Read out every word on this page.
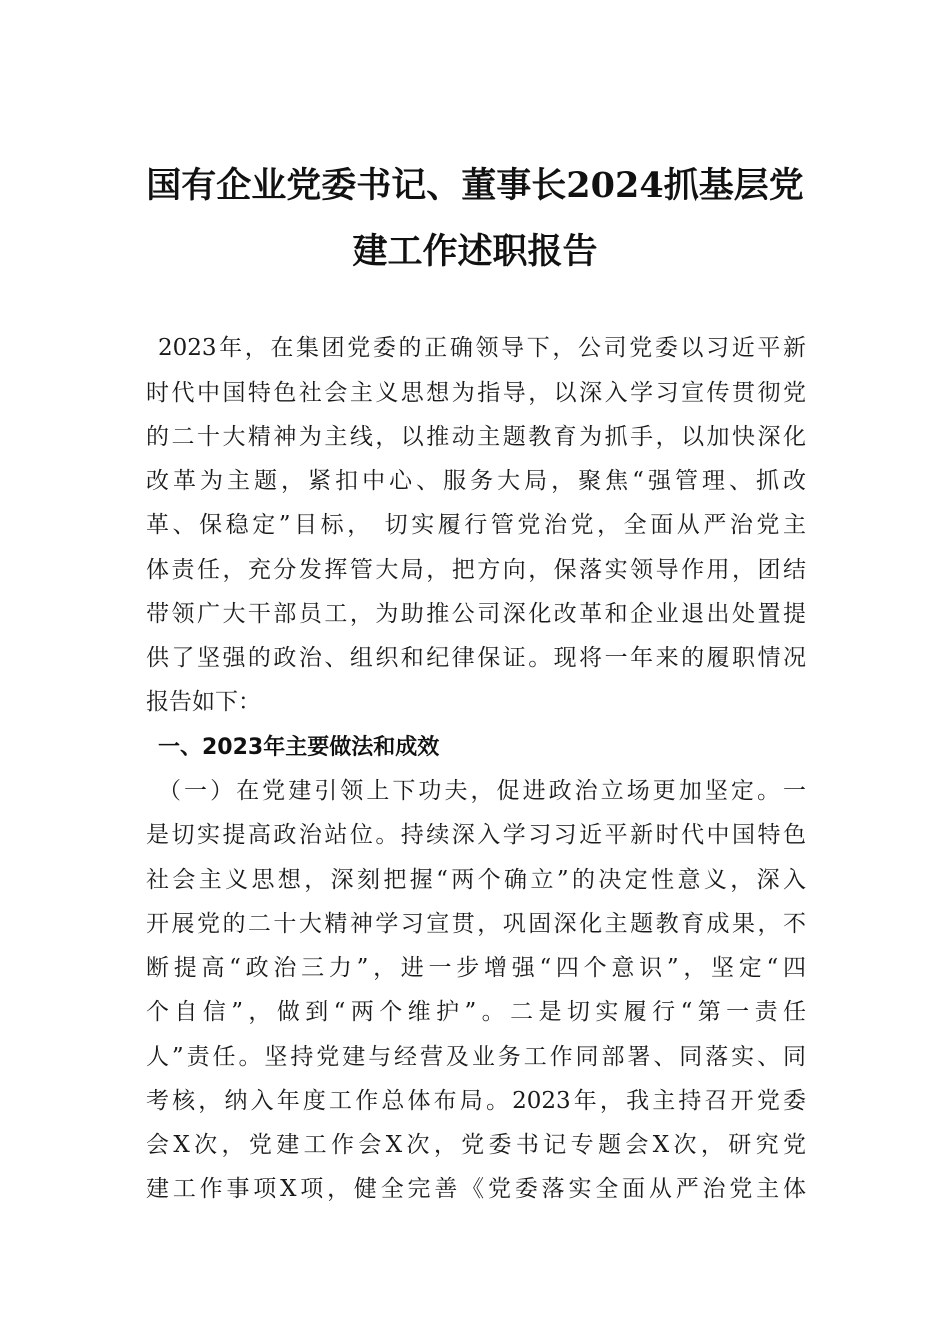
国有企业党委书记、董事长2024抓基层党
建工作述职报告
2023年，在集团党委的正确领导下，公司党委以习近平新
时代中国特色社会主义思想为指导，以深入学习宣传贯彻党
的二十大精神为主线，以推动主题教育为抓手，以加快深化
改革为主题，紧扣中心、服务大局，聚焦“强管理、抓改
革、保稳定”目标， 切实履行管党治党，全面从严治党主
体责任，充分发挥管大局，把方向，保落实领导作用，团结
带领广大干部员工，为助推公司深化改革和企业退出处置提
供了坚强的政治、组织和纪律保证。现将一年来的履职情况
报告如下：
一、2023年主要做法和成效
（一）在党建引领上下功夫，促进政治立场更加坚定。一
是切实提高政治站位。持续深入学习习近平新时代中国特色
社会主义思想，深刻把握“两个确立”的决定性意义，深入
开展党的二十大精神学习宣贯，巩固深化主题教育成果，不
断提高“政治三力”，进一步增强“四个意识”，坚定“四
个自信”，做到“两个维护”。二是切实履行“第一责任
人”责任。坚持党建与经营及业务工作同部署、同落实、同
考核，纳入年度工作总体布局。2023年，我主持召开党委
会X次，党建工作会X次，党委书记专题会X次，研究党
建工作事项X项，健全完善《党委落实全面从严治党主体
